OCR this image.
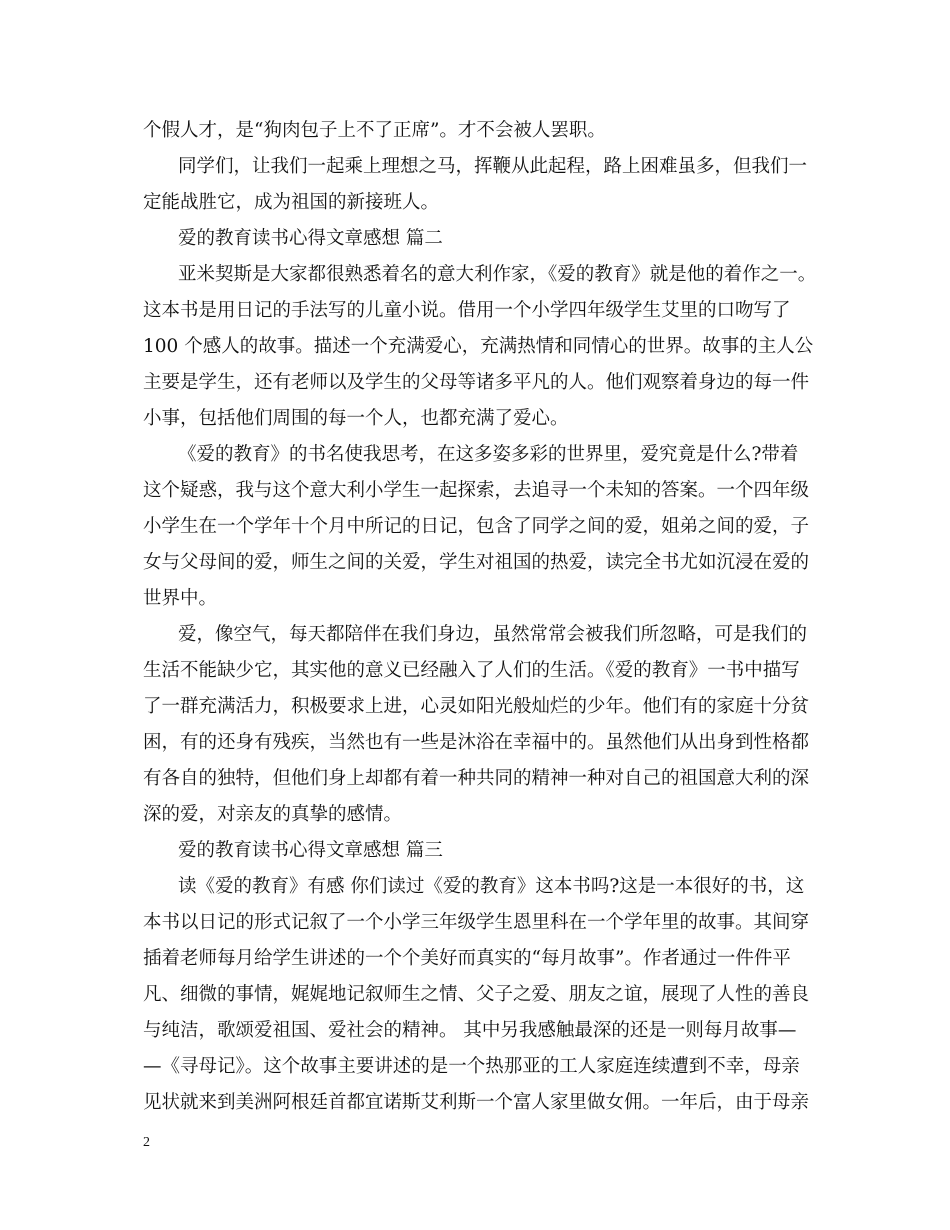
个假人才，是“狗肉包子上不了正席”。才不会被人罢职。
同学们，让我们一起乘上理想之马，挥鞭从此起程，路上困难虽多，但我们一
定能战胜它，成为祖国的新接班人。
爱的教育读书心得文章感想 篇二
亚米契斯是大家都很熟悉着名的意大利作家，《爱的教育》就是他的着作之一。
这本书是用日记的手法写的儿童小说。借用一个小学四年级学生艾里的口吻写了
100 个感人的故事。描述一个充满爱心，充满热情和同情心的世界。故事的主人公
主要是学生，还有老师以及学生的父母等诸多平凡的人。他们观察着身边的每一件
小事，包括他们周围的每一个人，也都充满了爱心。
《爱的教育》的书名使我思考，在这多姿多彩的世界里，爱究竟是什么?带着
这个疑惑，我与这个意大利小学生一起探索，去追寻一个未知的答案。一个四年级
小学生在一个学年十个月中所记的日记，包含了同学之间的爱，姐弟之间的爱，子
女与父母间的爱，师生之间的关爱，学生对祖国的热爱，读完全书尤如沉浸在爱的
世界中。
爱，像空气，每天都陪伴在我们身边，虽然常常会被我们所忽略，可是我们的
生活不能缺少它，其实他的意义已经融入了人们的生活。《爱的教育》一书中描写
了一群充满活力，积极要求上进，心灵如阳光般灿烂的少年。他们有的家庭十分贫
困，有的还身有残疾，当然也有一些是沐浴在幸福中的。虽然他们从出身到性格都
有各自的独特，但他们身上却都有着一种共同的精神一种对自己的祖国意大利的深
深的爱，对亲友的真挚的感情。
爱的教育读书心得文章感想 篇三
读《爱的教育》有感 你们读过《爱的教育》这本书吗?这是一本很好的书，这
本书以日记的形式记叙了一个小学三年级学生恩里科在一个学年里的故事。其间穿
插着老师每月给学生讲述的一个个美好而真实的“每月故事”。作者通过一件件平
凡、细微的事情，娓娓地记叙师生之情、父子之爱、朋友之谊，展现了人性的善良
与纯洁，歌颂爱祖国、爱社会的精神。 其中另我感触最深的还是一则每月故事—
—《寻母记》。这个故事主要讲述的是一个热那亚的工人家庭连续遭到不幸，母亲
见状就来到美洲阿根廷首都宜诺斯艾利斯一个富人家里做女佣。一年后，由于母亲
2
